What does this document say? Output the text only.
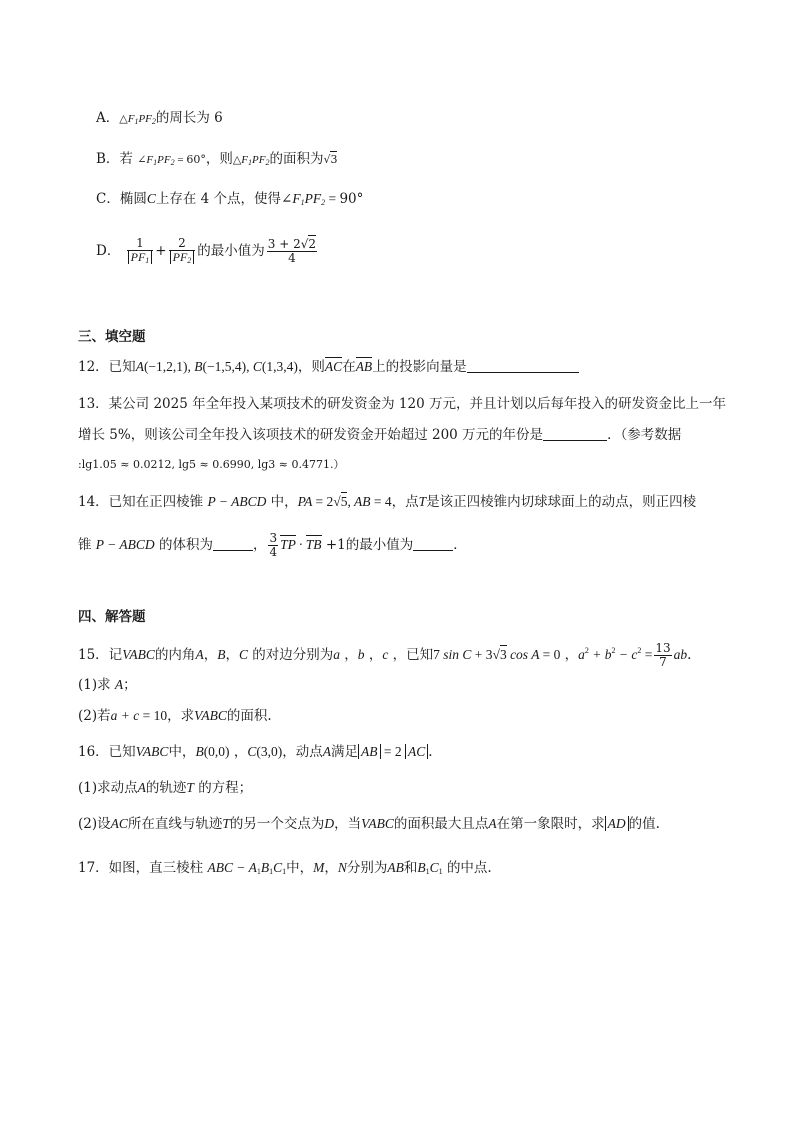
A．$\triangle F_1PF_2$的周长为 6
B．若 $\angle F_1PF_2 = 60^\circ$，则$\triangle F_1PF_2$的面积为√3
C．椭圆C上存在 4 个点，使得$\angle F_1PF_2 = 90^\circ$
D． $\frac{1}{PF_1} + \frac{2}{PF_2}$ 的最小值为 $\frac{3 + 2√2}{4}$
三、填空题
12．已知A(−1,2,1), B(−1,5,4), C(1,3,4)，则AC在AB上的投影向量是
13．某公司 2025 年全年投入某项技术的研发资金为 120 万元，并且计划以后每年投入的研发资金比上一年
增长 5%，则该公司全年投入该项技术的研发资金开始超过 200 万元的年份是	．（参考数据
:lg1.05 ≈ 0.0212, lg5 ≈ 0.6990, lg3 ≈ 0.4771.）
14．已知在正四棱锥 P − ABCD 中，PA = 2√5, AB = 4，点T是该正四棱锥内切球球面上的动点，则正四棱
锥 P − ABCD 的体积为	， $\frac{3}{4}$ TP · TB +1的最小值为	．
四、解答题
15．记VABC的内角A，B，C 的对边分别为a ，b ，c ，已知7 sin C + 3√3 cos A = 0 ，$a^2 + b^2 - c^2 = \frac{13}{7}$ ab.
(1)求 A；
(2)若a + c = 10，求VABC的面积.
16．已知VABC中，B(0,0) ，C(3,0)，动点A满足 AB = 2 AC .
(1)求动点A的轨迹T 的方程；
(2)设AC所在直线与轨迹T的另一个交点为D，当VABC的面积最大且点A在第一象限时，求 AD 的值.
17．如图，直三棱柱 ABC − $A_1B_1C_1$中，M，N分别为AB和$B_1C_1$ 的中点.
